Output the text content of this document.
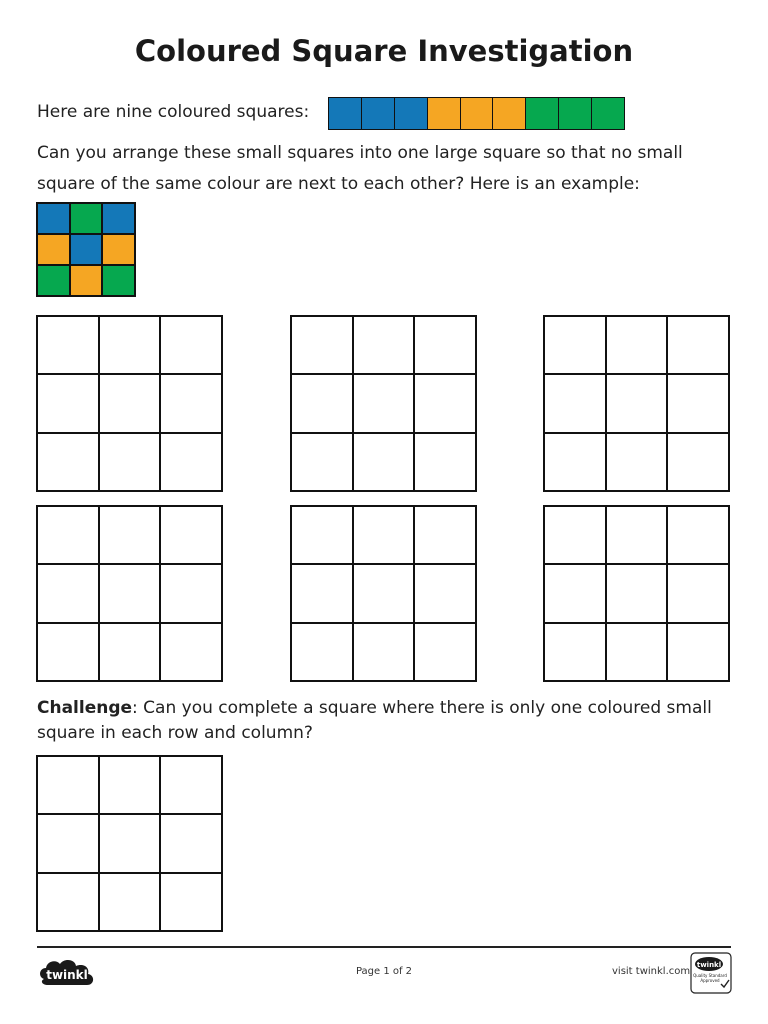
Coloured Square Investigation
Here are nine coloured squares:
Can you arrange these small squares into one large square so that no small square of the same colour are next to each other? Here is an example:
Challenge: Can you complete a square where there is only one coloured small square in each row and column?
twinkl	Page 1 of 2	visit twinkl.com
twinkl
Quality Standard Approved
